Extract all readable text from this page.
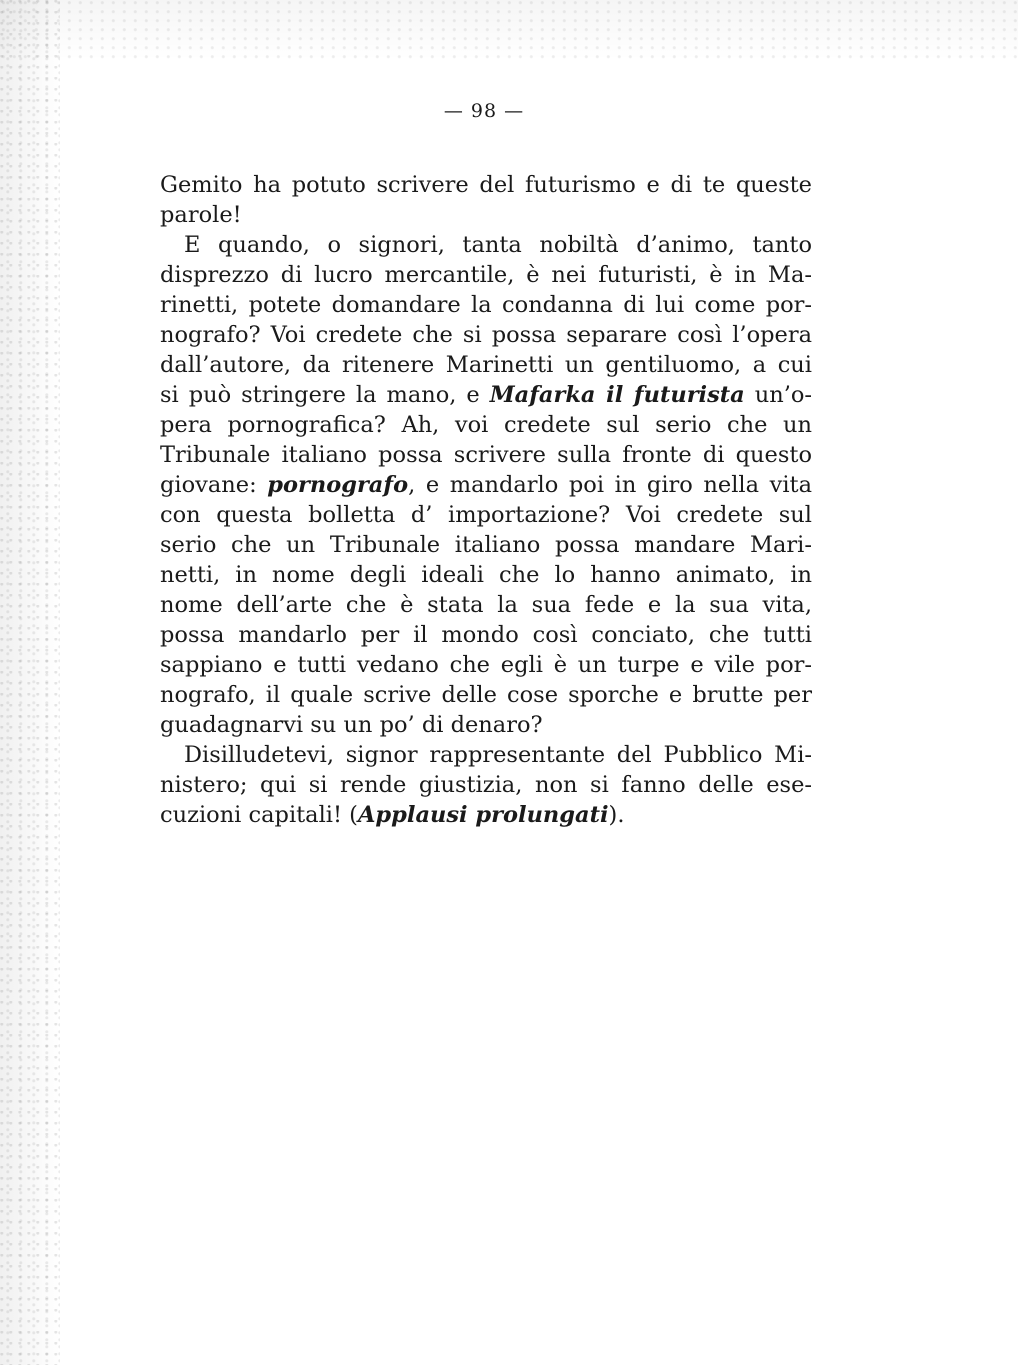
— 98 —
Gemito ha potuto scrivere del futurismo e di te queste
parole!
E quando, o signori, tanta nobiltà d’animo, tanto
disprezzo di lucro mercantile, è nei futuristi, è in Ma-
rinetti, potete domandare la condanna di lui come por-
nografo? Voi credete che si possa separare così l’opera
dall’autore, da ritenere Marinetti un gentiluomo, a cui
si può stringere la mano, e Mafarka il futurista un’o-
pera pornografica? Ah, voi credete sul serio che un
Tribunale italiano possa scrivere sulla fronte di questo
giovane: pornografo, e mandarlo poi in giro nella vita
con questa bolletta d’ importazione? Voi credete sul
serio che un Tribunale italiano possa mandare Mari-
netti, in nome degli ideali che lo hanno animato, in
nome dell’arte che è stata la sua fede e la sua vita,
possa mandarlo per il mondo così conciato, che tutti
sappiano e tutti vedano che egli è un turpe e vile por-
nografo, il quale scrive delle cose sporche e brutte per
guadagnarvi su un po’ di denaro?
Disilludetevi, signor rappresentante del Pubblico Mi-
nistero; qui si rende giustizia, non si fanno delle ese-
cuzioni capitali! (Applausi prolungati).
